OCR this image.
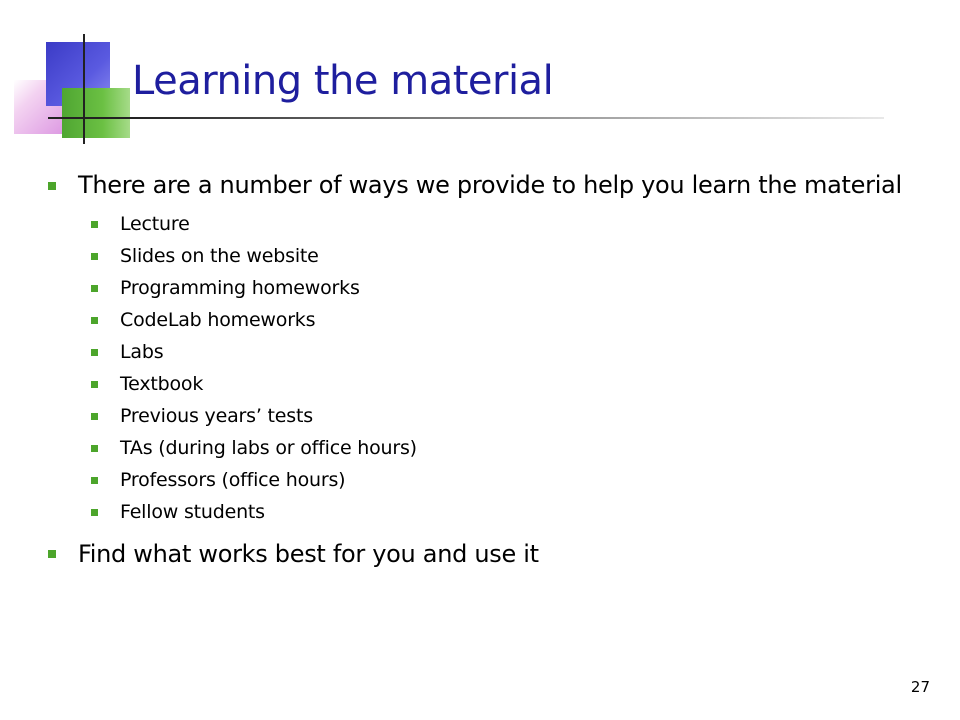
Learning the material
There are a number of ways we provide to help you learn the material
Lecture
Slides on the website
Programming homeworks
CodeLab homeworks
Labs
Textbook
Previous years’ tests
TAs (during labs or office hours)
Professors (office hours)
Fellow students
Find what works best for you and use it
27
